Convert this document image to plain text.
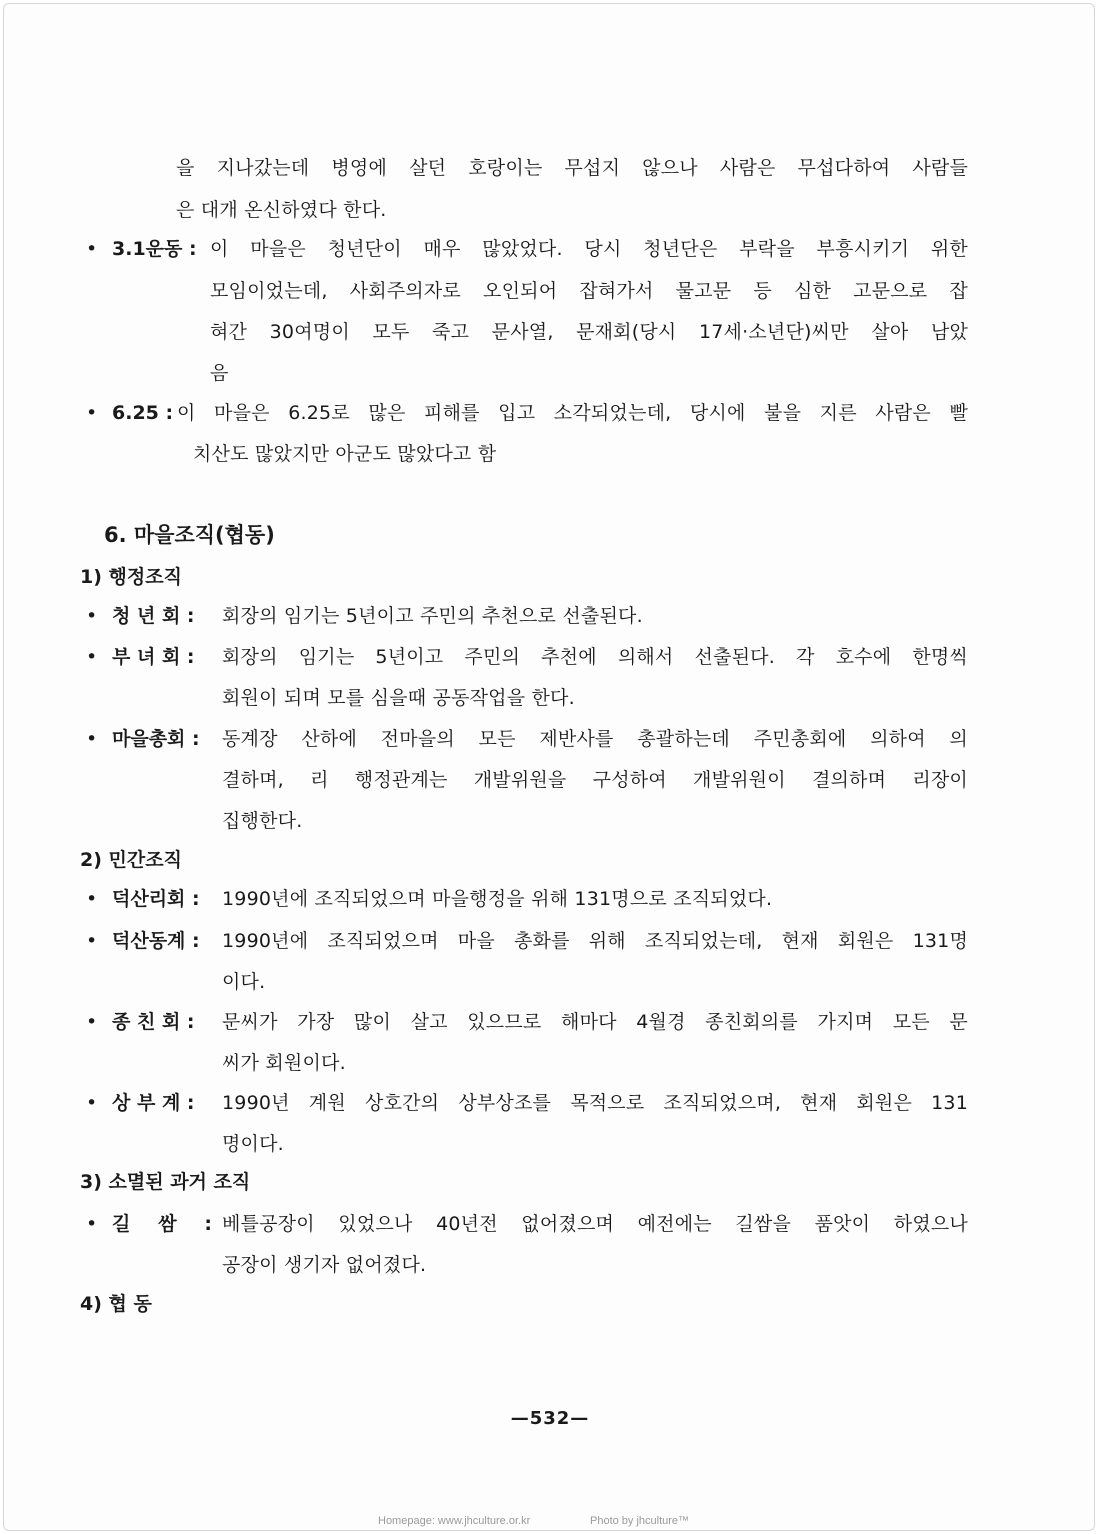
을 지나갔는데 병영에 살던 호랑이는 무섭지 않으나 사람은 무섭다하여 사람들
은 대개 온신하였다 한다.
• 3.1운동 : 이 마을은 청년단이 매우 많았었다. 당시 청년단은 부락을 부흥시키기 위한
모임이었는데, 사회주의자로 오인되어 잡혀가서 물고문 등 심한 고문으로 잡
혀간 30여명이 모두 죽고 문사열, 문재회(당시 17세·소년단)씨만 살아 남았
음
• 6.25 : 이 마을은 6.25로 많은 피해를 입고 소각되었는데, 당시에 불을 지른 사람은 빨
치산도 많았지만 아군도 많았다고 함
6. 마을조직(협동)
1) 행정조직
• 청 년 회 : 회장의 임기는 5년이고 주민의 추천으로 선출된다.
• 부 녀 회 : 회장의 임기는 5년이고 주민의 추천에 의해서 선출된다. 각 호수에 한명씩
회원이 되며 모를 심을때 공동작업을 한다.
• 마을총회 : 동계장 산하에 전마을의 모든 제반사를 총괄하는데 주민총회에 의하여 의
결하며, 리 행정관계는 개발위원을 구성하여 개발위원이 결의하며 리장이
집행한다.
2) 민간조직
• 덕산리회 : 1990년에 조직되었으며 마을행정을 위해 131명으로 조직되었다.
• 덕산동계 : 1990년에 조직되었으며 마을 총화를 위해 조직되었는데, 현재 회원은 131명
이다.
• 종 친 회 : 문씨가 가장 많이 살고 있으므로 해마다 4월경 종친회의를 가지며 모든 문
씨가 회원이다.
• 상 부 계 : 1990년 계원 상호간의 상부상조를 목적으로 조직되었으며, 현재 회원은 131
명이다.
3) 소멸된 과거 조직
• 길 쌈 : 베틀공장이 있었으나 40년전 없어졌으며 예전에는 길쌈을 품앗이 하였으나
공장이 생기자 없어졌다.
4) 협 동
—532—
Homepage: www.jhculture.or.kr	Photo by jhculture™
